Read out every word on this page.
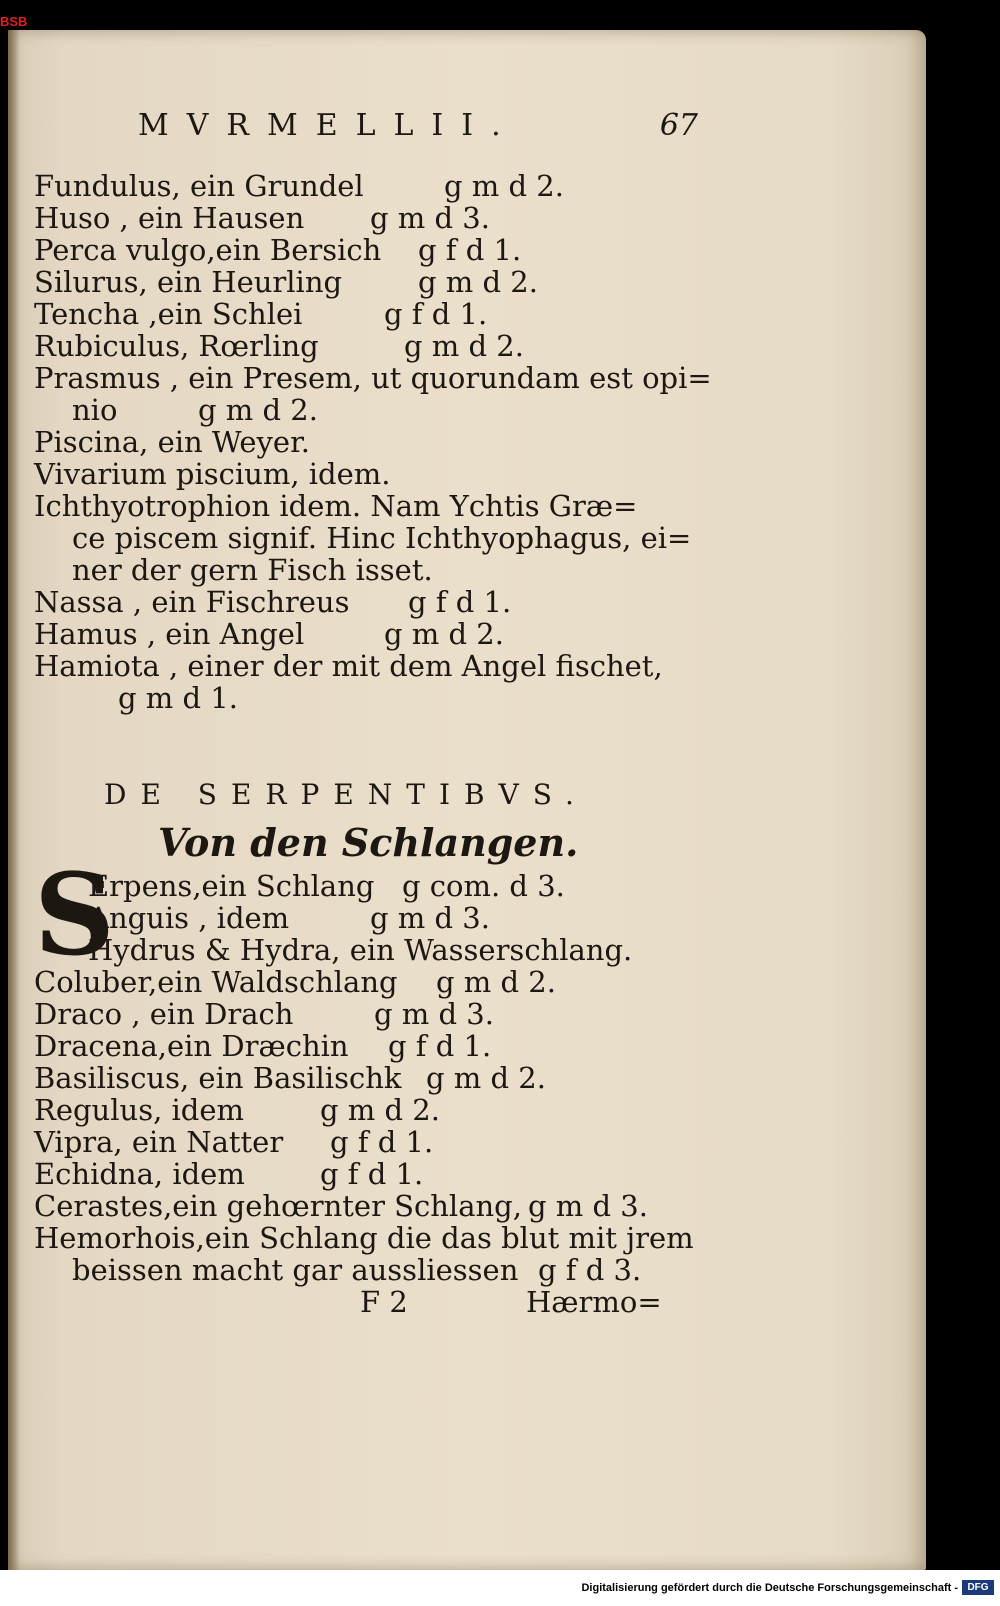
BSB
MVRMELLII.	67
Fundulus, ein Grundel	g m d 2.
Huso , ein Hausen g m d 3.
Perca vulgo,ein Bersich g f d 1.
Silurus, ein Heurling	g m d 2.
Tencha ,ein Schlei	g f d 1.
Rubiculus, Rœrling	g m d 2.
Prasmus , ein Presem, ut quorundam est opi=
nio	g m d 2.
Piscina, ein Weyer.
Vivarium piscium, idem.
Ichthyotrophion idem. Nam Ychtis Græ=
ce piscem signif. Hinc Ichthyophagus, ei=
ner der gern Fisch isset.
Nassa , ein Fischreus g f d 1.
Hamus , ein Angel	g m d 2.
Hamiota , einer der mit dem Angel fischet,
g m d 1.
DE SERPENTIBVS.
Von den Schlangen.
S
Erpens,ein Schlang g com. d 3.
Anguis , idem	g m d 3.
Hydrus & Hydra, ein Wasserschlang.
Coluber,ein Waldschlang g m d 2.
Draco , ein Drach	g m d 3.
Dracena,ein Dræchin g f d 1.
Basiliscus, ein Basilischk g m d 2.
Regulus, idem	g m d 2.
Vipra, ein Natter g f d 1.
Echidna, idem	g f d 1.
Cerastes,ein gehœrnter Schlang, g m d 3.
Hemorhois,ein Schlang die das blut mit jrem
beissen macht gar aussliessen g f d 3.
F 2	Hærmo=
Digitalisierung gefördert durch die Deutsche Forschungsgemeinschaft - DFG
